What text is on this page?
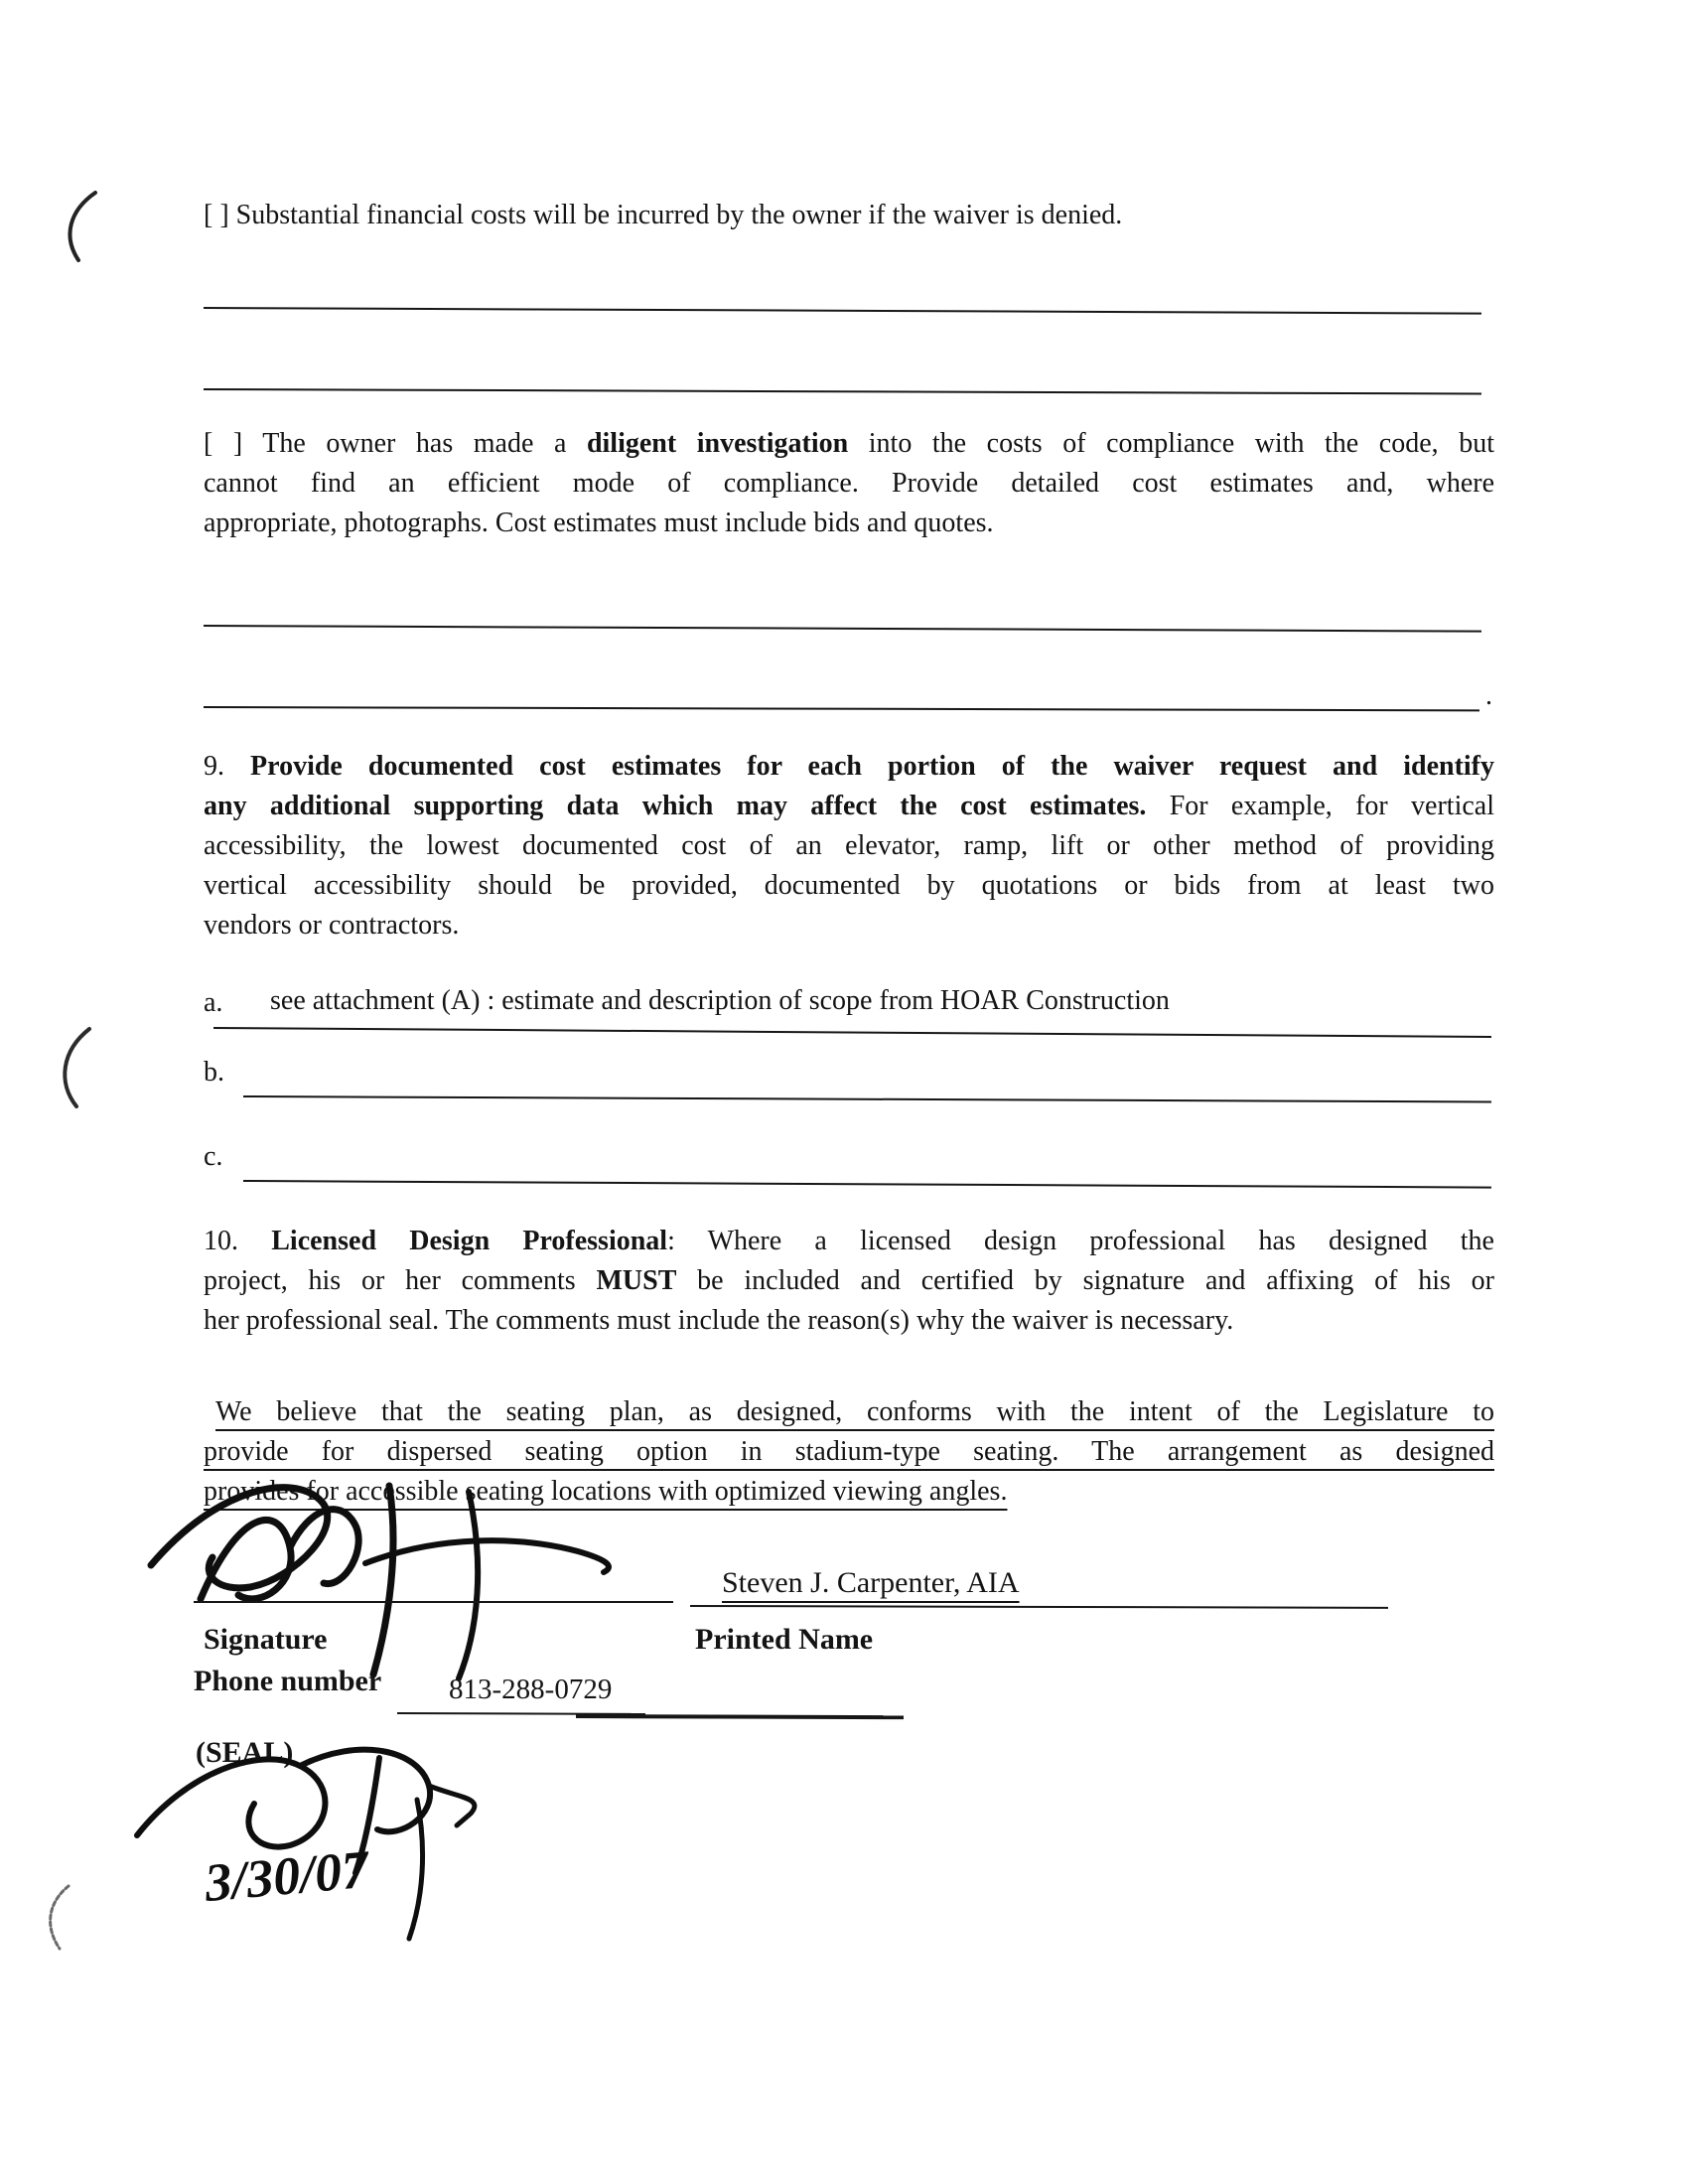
[ ] Substantial financial costs will be incurred by the owner if the waiver is denied.
[ ] The owner has made a diligent investigation into the costs of compliance with the code, but
cannot find an efficient mode of compliance. Provide detailed cost estimates and, where
appropriate, photographs. Cost estimates must include bids and quotes.
.
9. Provide documented cost estimates for each portion of the waiver request and identify
any additional supporting data which may affect the cost estimates. For example, for vertical
accessibility, the lowest documented cost of an elevator, ramp, lift or other method of providing
vertical accessibility should be provided, documented by quotations or bids from at least two
vendors or contractors.
a. see attachment (A) : estimate and description of scope from HOAR Construction
b.
c.
10. Licensed Design Professional: Where a licensed design professional has designed the
project, his or her comments MUST be included and certified by signature and affixing of his or
her professional seal. The comments must include the reason(s) why the waiver is necessary.
We believe that the seating plan, as designed, conforms with the intent of the Legislature to
provide for dispersed seating option in stadium-type seating. The arrangement as designed
provides for accessible seating locations with optimized viewing angles.
Steven J. Carpenter, AIA
Signature	Printed Name
Phone number 813-288-0729
(SEAL)
3/30/07
